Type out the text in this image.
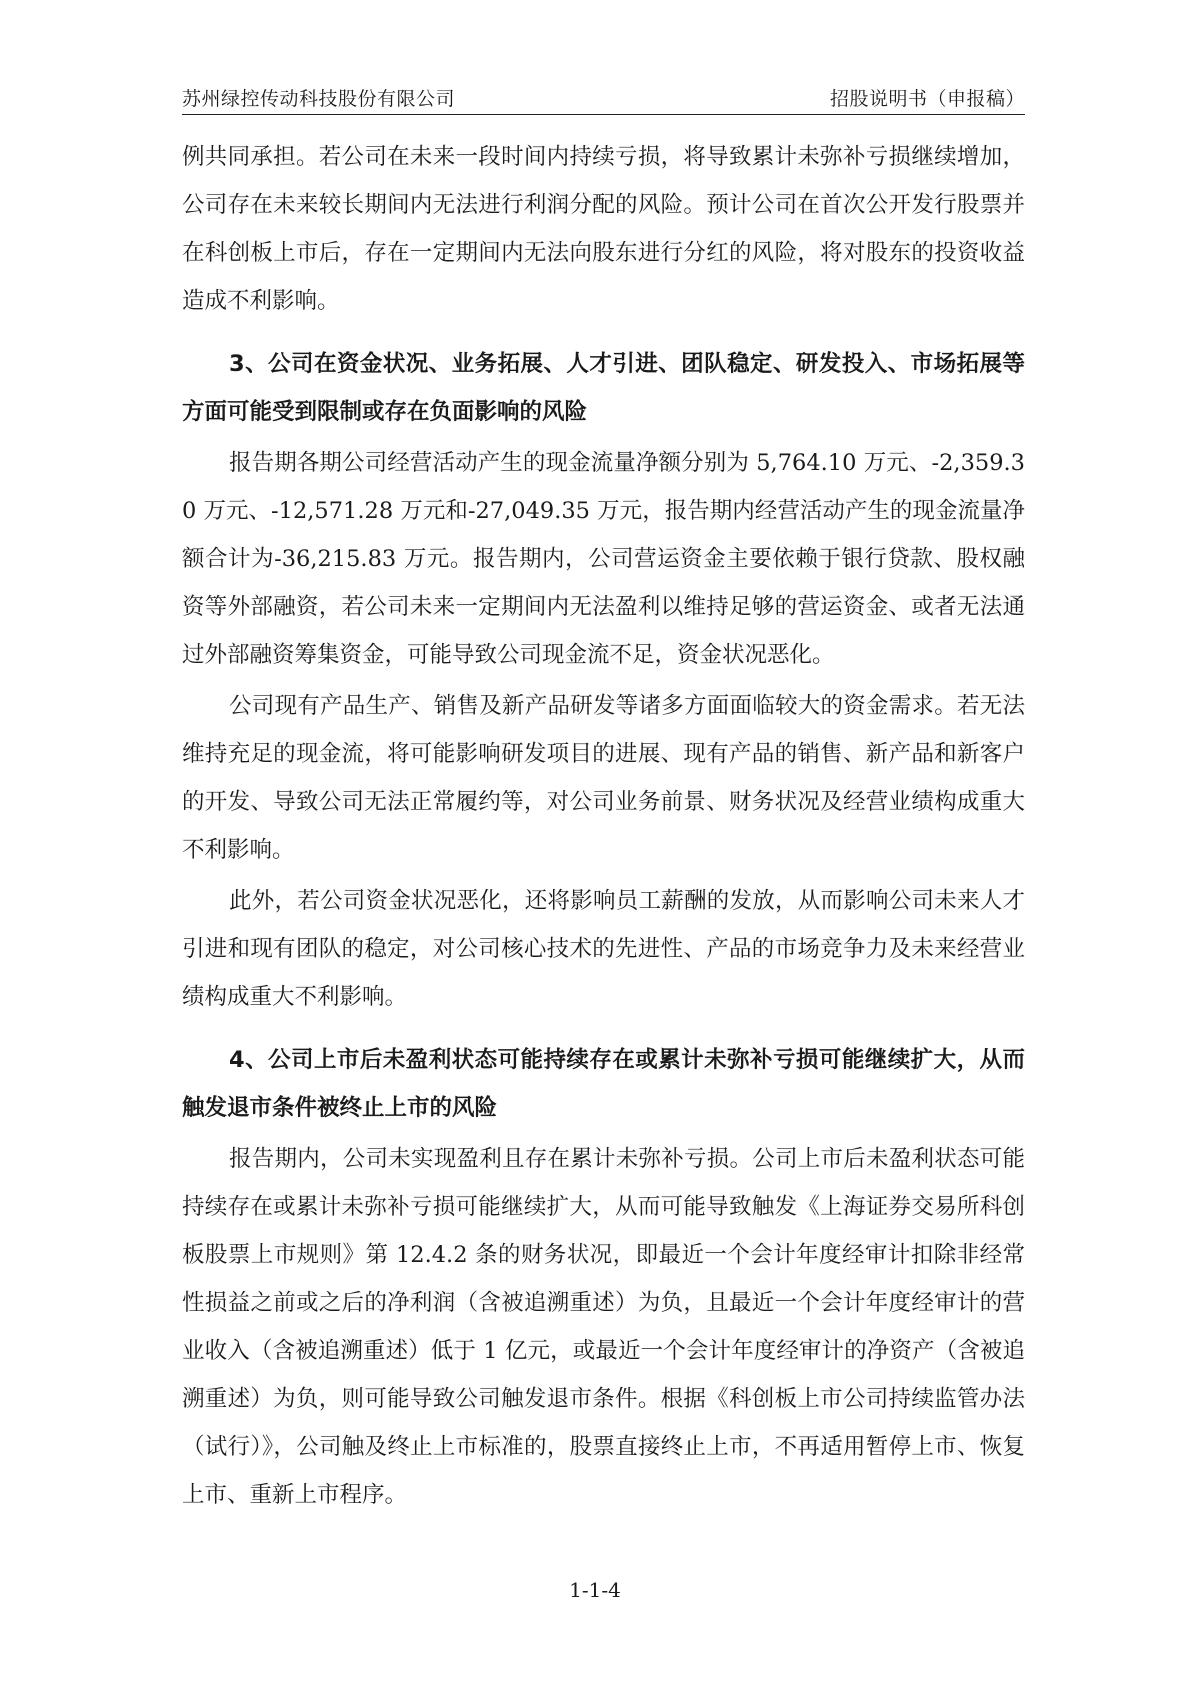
苏州绿控传动科技股份有限公司	招股说明书（申报稿）

例共同承担。若公司在未来一段时间内持续亏损，将导致累计未弥补亏损继续增加，公司存在未来较长期间内无法进行利润分配的风险。预计公司在首次公开发行股票并在科创板上市后，存在一定期间内无法向股东进行分红的风险，将对股东的投资收益造成不利影响。

3、公司在资金状况、业务拓展、人才引进、团队稳定、研发投入、市场拓展等方面可能受到限制或存在负面影响的风险

报告期各期公司经营活动产生的现金流量净额分别为 5,764.10 万元、-2,359.30 万元、-12,571.28 万元和-27,049.35 万元，报告期内经营活动产生的现金流量净额合计为-36,215.83 万元。报告期内，公司营运资金主要依赖于银行贷款、股权融资等外部融资，若公司未来一定期间内无法盈利以维持足够的营运资金、或者无法通过外部融资筹集资金，可能导致公司现金流不足，资金状况恶化。

公司现有产品生产、销售及新产品研发等诸多方面面临较大的资金需求。若无法维持充足的现金流，将可能影响研发项目的进展、现有产品的销售、新产品和新客户的开发、导致公司无法正常履约等，对公司业务前景、财务状况及经营业绩构成重大不利影响。

此外，若公司资金状况恶化，还将影响员工薪酬的发放，从而影响公司未来人才引进和现有团队的稳定，对公司核心技术的先进性、产品的市场竞争力及未来经营业绩构成重大不利影响。

4、公司上市后未盈利状态可能持续存在或累计未弥补亏损可能继续扩大，从而触发退市条件被终止上市的风险

报告期内，公司未实现盈利且存在累计未弥补亏损。公司上市后未盈利状态可能持续存在或累计未弥补亏损可能继续扩大，从而可能导致触发《上海证券交易所科创板股票上市规则》第 12.4.2 条的财务状况，即最近一个会计年度经审计扣除非经常性损益之前或之后的净利润（含被追溯重述）为负，且最近一个会计年度经审计的营业收入（含被追溯重述）低于 1 亿元，或最近一个会计年度经审计的净资产（含被追溯重述）为负，则可能导致公司触发退市条件。根据《科创板上市公司持续监管办法（试行）》，公司触及终止上市标准的，股票直接终止上市，不再适用暂停上市、恢复上市、重新上市程序。

1-1-4
